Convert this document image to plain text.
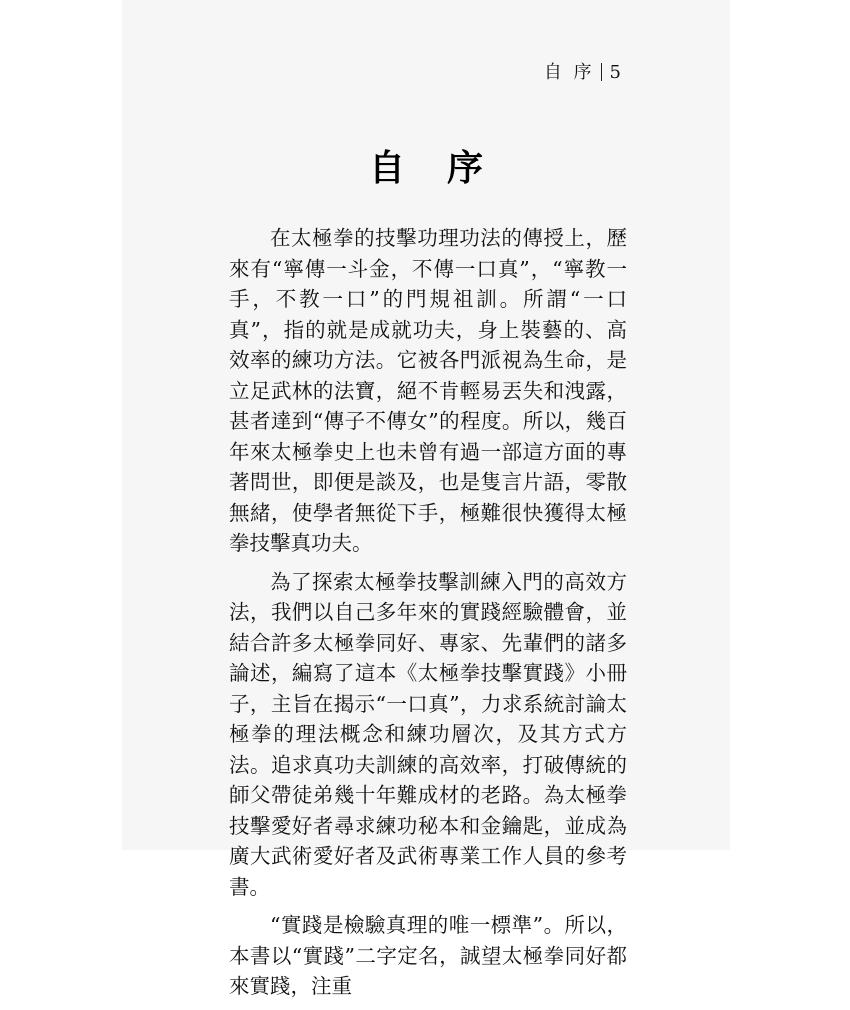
自 序 5
自序

在太極拳的技擊功理功法的傳授上，歷來有“寧傳一斗金，不傳一口真”，“寧教一手，不教一口”的門規祖訓。所謂“一口真”，指的就是成就功夫，身上裝藝的、高效率的練功方法。它被各門派視為生命，是立足武林的法寶，絕不肯輕易丟失和洩露，甚者達到“傳子不傳女”的程度。所以，幾百年來太極拳史上也未曾有過一部這方面的專著問世，即便是談及，也是隻言片語，零散無緒，使學者無從下手，極難很快獲得太極拳技擊真功夫。

為了探索太極拳技擊訓練入門的高效方法，我們以自己多年來的實踐經驗體會，並結合許多太極拳同好、專家、先輩們的諸多論述，編寫了這本《太極拳技擊實踐》小冊子，主旨在揭示“一口真”，力求系統討論太極拳的理法概念和練功層次，及其方式方法。追求真功夫訓練的高效率，打破傳統的師父帶徒弟幾十年難成材的老路。為太極拳技擊愛好者尋求練功秘本和金鑰匙，並成為廣大武術愛好者及武術專業工作人員的參考書。

“實踐是檢驗真理的唯一標準”。所以，本書以“實踐”二字定名，誠望太極拳同好都來實踐，注重
